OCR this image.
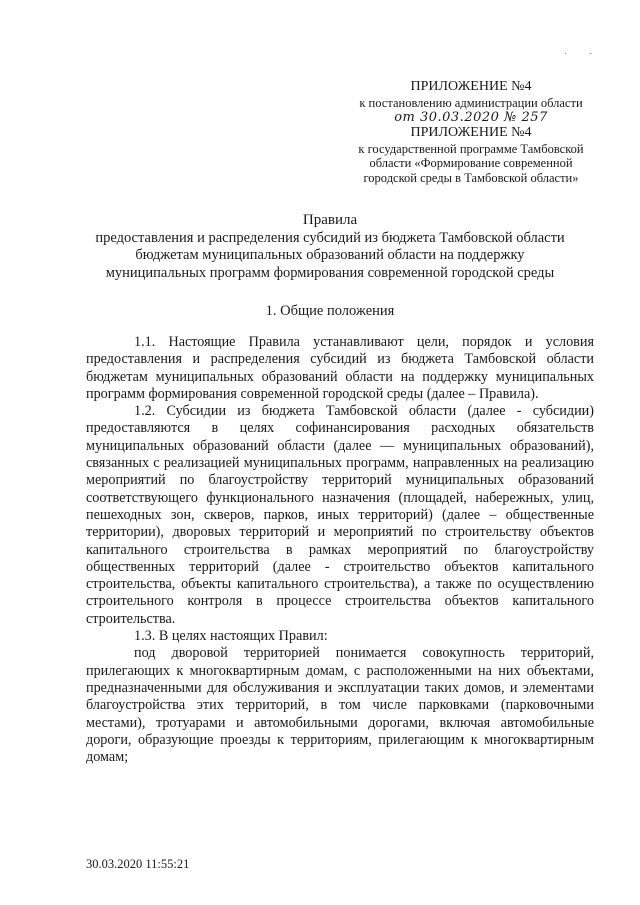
. .
ПРИЛОЖЕНИЕ №4
к постановлению администрации области
от 30.03.2020 № 257
ПРИЛОЖЕНИЕ №4
к государственной программе Тамбовской
области «Формирование современной
городской среды в Тамбовской области»
Правила
предоставления и распределения субсидий из бюджета Тамбовской области
бюджетам муниципальных образований области на поддержку
муниципальных программ формирования современной городской среды
1. Общие положения

1.1. Настоящие Правила устанавливают цели, порядок и условия предоставления и распределения субсидий из бюджета Тамбовской области бюджетам муниципальных образований области на поддержку муниципальных программ формирования современной городской среды (далее – Правила).

1.2. Субсидии из бюджета Тамбовской области (далее - субсидии) предоставляются в целях софинансирования расходных обязательств муниципальных образований области (далее — муниципальных образований), связанных с реализацией муниципальных программ, направленных на реализацию мероприятий по благоустройству территорий муниципальных образований соответствующего функционального назначения (площадей, набережных, улиц, пешеходных зон, скверов, парков, иных территорий) (далее – общественные территории), дворовых территорий и мероприятий по строительству объектов капитального строительства в рамках мероприятий по благоустройству общественных территорий (далее - строительство объектов капитального строительства, объекты капитального строительства), а также по осуществлению строительного контроля в процессе строительства объектов капитального строительства.

1.3. В целях настоящих Правил:

под дворовой территорией понимается совокупность территорий, прилегающих к многоквартирным домам, с расположенными на них объектами, предназначенными для обслуживания и эксплуатации таких домов, и элементами благоустройства этих территорий, в том числе парковками (парковочными местами), тротуарами и автомобильными дорогами, включая автомобильные дороги, образующие проезды к территориям, прилегающим к многоквартирным домам;

30.03.2020 11:55:21
